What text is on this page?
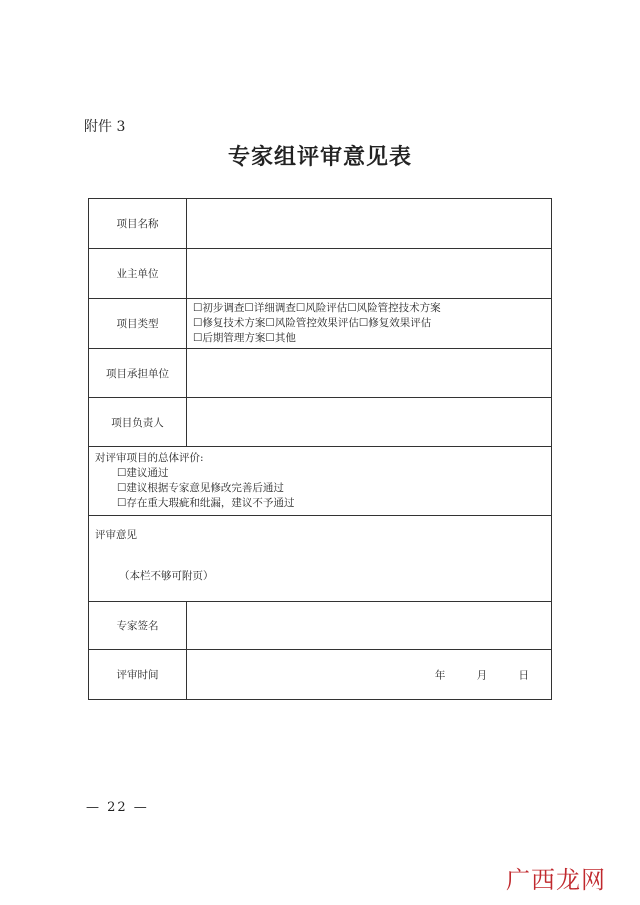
附件 3
专家组评审意见表
项目名称	
业主单位	
项目类型	☐初步调查☐详细调查☐风险评估☐风险管控技术方案
☐修复技术方案☐风险管控效果评估☐修复效果评估
☐后期管理方案☐其他

项目承担单位	
项目负责人	

对评审项目的总体评价:
☐建议通过
☐建议根据专家意见修改完善后通过
☐存在重大瑕疵和纰漏，建议不予通过	

评审意见
（本栏不够可附页）	

专家签名	
评审时间	年 月 日
— 22 —
广西龙网
